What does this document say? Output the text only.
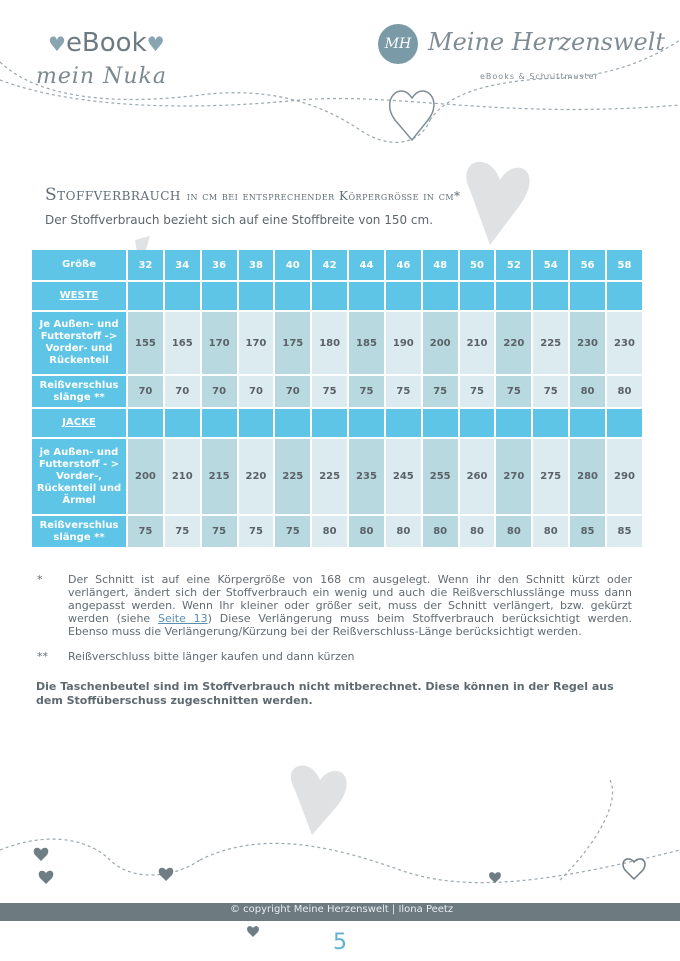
♥eBook♥
mein Nuka
MH Meine Herzenswelt
eBooks & Schnittmuster
Stoffverbrauch in cm bei entsprechender Körpergröße in cm*
Der Stoffverbrauch bezieht sich auf eine Stoffbreite von 150 cm.
Größe	32	34	36	38	40	42	44	46	48	50	52	54	56	58
WESTE														
Je Außen- und Futterstoff -> Vorder- und Rückenteil	155	165	170	170	175	180	185	190	200	210	220	225	230	230
Reißverschlus slänge **	70	70	70	70	70	75	75	75	75	75	75	75	80	80
JACKE														
je Außen- und Futterstoff - > Vorder-, Rückenteil und Ärmel	200	210	215	220	225	225	235	245	255	260	270	275	280	290
Reißverschlus slänge **	75	75	75	75	75	80	80	80	80	80	80	80	85	85
* Der Schnitt ist auf eine Körpergröße von 168 cm ausgelegt. Wenn ihr den Schnitt kürzt oder verlängert, ändert sich der Stoffverbrauch ein wenig und auch die Reißverschlusslänge muss dann angepasst werden. Wenn Ihr kleiner oder größer seit, muss der Schnitt verlängert, bzw. gekürzt werden (siehe Seite 13) Diese Verlängerung muss beim Stoffverbrauch berücksichtigt werden. Ebenso muss die Verlängerung/Kürzung bei der Reißverschluss-Länge berücksichtigt werden.
** Reißverschluss bitte länger kaufen und dann kürzen
Die Taschenbeutel sind im Stoffverbrauch nicht mitberechnet. Diese können in der Regel aus dem Stoffüberschuss zugeschnitten werden.
© copyright Meine Herzenswelt | Ilona Peetz
5
